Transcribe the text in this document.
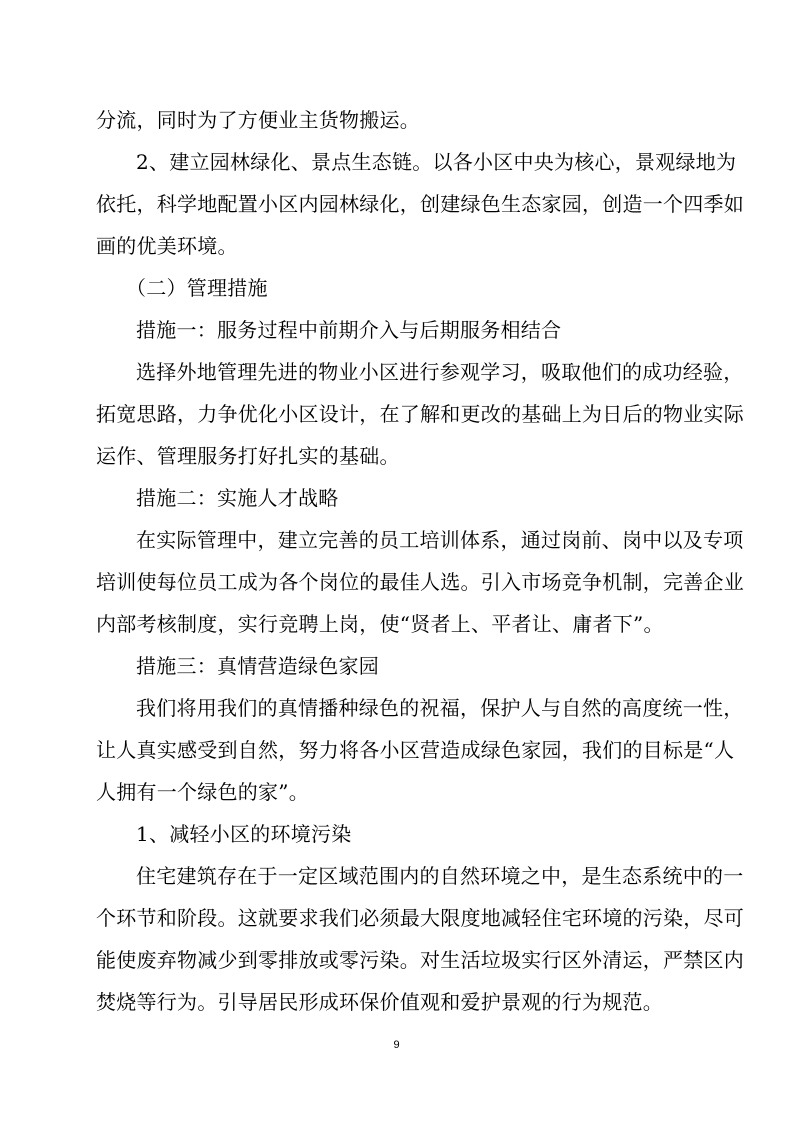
分流，同时为了方便业主货物搬运。
2、建立园林绿化、景点生态链。以各小区中央为核心，景观绿地为
依托，科学地配置小区内园林绿化，创建绿色生态家园，创造一个四季如
画的优美环境。
（二）管理措施
措施一：服务过程中前期介入与后期服务相结合
选择外地管理先进的物业小区进行参观学习，吸取他们的成功经验，
拓宽思路，力争优化小区设计，在了解和更改的基础上为日后的物业实际
运作、管理服务打好扎实的基础。
措施二：实施人才战略
在实际管理中，建立完善的员工培训体系，通过岗前、岗中以及专项
培训使每位员工成为各个岗位的最佳人选。引入市场竞争机制，完善企业
内部考核制度，实行竞聘上岗，使“贤者上、平者让、庸者下”。
措施三：真情营造绿色家园
我们将用我们的真情播种绿色的祝福，保护人与自然的高度统一性，
让人真实感受到自然，努力将各小区营造成绿色家园，我们的目标是“人
人拥有一个绿色的家”。
1、减轻小区的环境污染
住宅建筑存在于一定区域范围内的自然环境之中，是生态系统中的一
个环节和阶段。这就要求我们必须最大限度地减轻住宅环境的污染，尽可
能使废弃物减少到零排放或零污染。对生活垃圾实行区外清运，严禁区内
焚烧等行为。引导居民形成环保价值观和爱护景观的行为规范。
9
